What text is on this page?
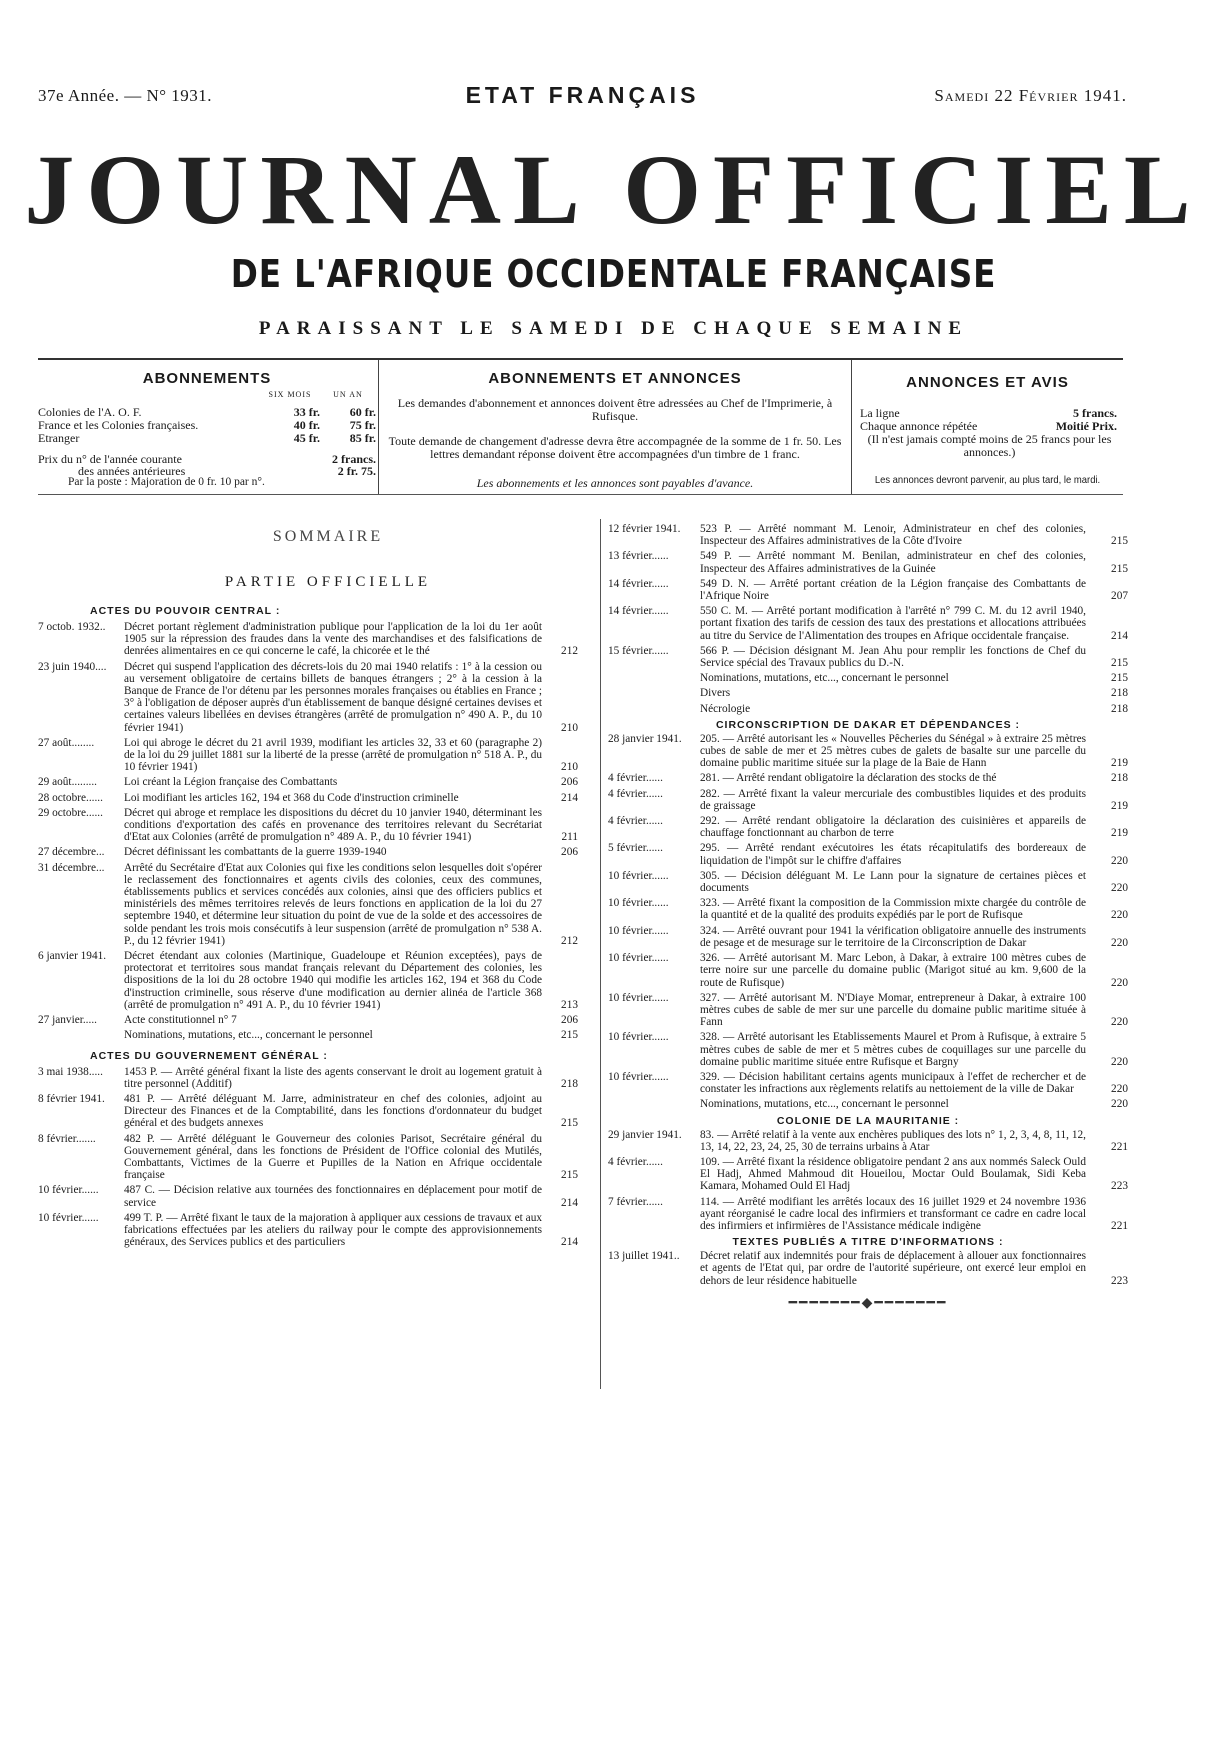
37e Année. — N° 1931.	ETAT FRANÇAIS	Samedi 22 Février 1941.
JOURNAL OFFICIEL
DE L'AFRIQUE OCCIDENTALE FRANÇAISE
PARAISSANT LE SAMEDI DE CHAQUE SEMAINE
ABONNEMENTS
SIX MOIS	UN AN
Colonies de l'A. O. F.	33 fr.	60 fr.
France et les Colonies françaises.	40 fr.	75 fr.
Etranger	45 fr.	85 fr.
Prix du n° de l'année courante	2 francs.
des années antérieures	2 fr. 75.
Par la poste : Majoration de 0 fr. 10 par n°.
ABONNEMENTS ET ANNONCES

Les demandes d'abonnement et annonces doivent être adressées au Chef de l'Imprimerie, à Rufisque.

Toute demande de changement d'adresse devra être accompagnée de la somme de 1 fr. 50. Les lettres demandant réponse doivent être accompagnées d'un timbre de 1 franc.

Les abonnements et les annonces sont payables d'avance.

ANNONCES ET AVIS
La ligne	5 francs.
Chaque annonce répétée	Moitié Prix.
(Il n'est jamais compté moins de 25 francs pour les annonces.)
Les annonces devront parvenir, au plus tard, le mardi.
SOMMAIRE
PARTIE OFFICIELLE
ACTES DU POUVOIR CENTRAL :
7 octob. 1932..	Décret portant règlement d'administration publique pour l'application de la loi du 1er août 1905 sur la répression des fraudes dans la vente des marchandises et des falsifications de denrées alimentaires en ce qui concerne le café, la chicorée et le thé	212
23 juin 1940....	Décret qui suspend l'application des décrets-lois du 20 mai 1940 relatifs : 1° à la cession ou au versement obligatoire de certains billets de banques étrangers ; 2° à la cession à la Banque de France de l'or détenu par les personnes morales françaises ou établies en France ; 3° à l'obligation de déposer auprès d'un établissement de banque désigné certaines devises et certaines valeurs libellées en devises étrangères (arrêté de promulgation n° 490 A. P., du 10 février 1941)	210
27 août........	Loi qui abroge le décret du 21 avril 1939, modifiant les articles 32, 33 et 60 (paragraphe 2) de la loi du 29 juillet 1881 sur la liberté de la presse (arrêté de promulgation n° 518 A. P., du 10 février 1941)	210
29 août.........	Loi créant la Légion française des Combattants	206
28 octobre......	Loi modifiant les articles 162, 194 et 368 du Code d'instruction criminelle	214
29 octobre......	Décret qui abroge et remplace les dispositions du décret du 10 janvier 1940, déterminant les conditions d'exportation des cafés en provenance des territoires relevant du Secrétariat d'Etat aux Colonies (arrêté de promulgation n° 489 A. P., du 10 février 1941)	211
27 décembre...	Décret définissant les combattants de la guerre 1939-1940	206
31 décembre...	Arrêté du Secrétaire d'Etat aux Colonies qui fixe les conditions selon lesquelles doit s'opérer le reclassement des fonctionnaires et agents civils des colonies, ceux des communes, établissements publics et services concédés aux colonies, ainsi que des officiers publics et ministériels des mêmes territoires relevés de leurs fonctions en application de la loi du 27 septembre 1940, et détermine leur situation du point de vue de la solde et des accessoires de solde pendant les trois mois consécutifs à leur suspension (arrêté de promulgation n° 538 A. P., du 12 février 1941)	212
6 janvier 1941.	Décret étendant aux colonies (Martinique, Guadeloupe et Réunion exceptées), pays de protectorat et territoires sous mandat français relevant du Département des colonies, les dispositions de la loi du 28 octobre 1940 qui modifie les articles 162, 194 et 368 du Code d'instruction criminelle, sous réserve d'une modification au dernier alinéa de l'article 368 (arrêté de promulgation n° 491 A. P., du 10 février 1941)	213
27 janvier.....	Acte constitutionnel n° 7	206
Nominations, mutations, etc..., concernant le personnel	215
ACTES DU GOUVERNEMENT GÉNÉRAL :
3 mai 1938.....	1453 P. — Arrêté général fixant la liste des agents conservant le droit au logement gratuit à titre personnel (Additif)	218
8 février 1941.	481 P. — Arrêté déléguant M. Jarre, administrateur en chef des colonies, adjoint au Directeur des Finances et de la Comptabilité, dans les fonctions d'ordonnateur du budget général et des budgets annexes	215
8 février.......	482 P. — Arrêté déléguant le Gouverneur des colonies Parisot, Secrétaire général du Gouvernement général, dans les fonctions de Président de l'Office colonial des Mutilés, Combattants, Victimes de la Guerre et Pupilles de la Nation en Afrique occidentale française	215
10 février......	487 C. — Décision relative aux tournées des fonctionnaires en déplacement pour motif de service	214
10 février......	499 T. P. — Arrêté fixant le taux de la majoration à appliquer aux cessions de travaux et aux fabrications effectuées par les ateliers du railway pour le compte des approvisionnements généraux, des Services publics et des particuliers	214
12 février 1941.	523 P. — Arrêté nommant M. Lenoir, Administrateur en chef des colonies, Inspecteur des Affaires administratives de la Côte d'Ivoire	215
13 février......	549 P. — Arrêté nommant M. Benilan, administrateur en chef des colonies, Inspecteur des Affaires administratives de la Guinée	215
14 février......	549 D. N. — Arrêté portant création de la Légion française des Combattants de l'Afrique Noire	207
14 février......	550 C. M. — Arrêté portant modification à l'arrêté n° 799 C. M. du 12 avril 1940, portant fixation des tarifs de cession des taux des prestations et allocations attribuées au titre du Service de l'Alimentation des troupes en Afrique occidentale française.	214
15 février......	566 P. — Décision désignant M. Jean Ahu pour remplir les fonctions de Chef du Service spécial des Travaux publics du D.-N.	215
Nominations, mutations, etc..., concernant le personnel	215
Divers	218
Nécrologie	218
CIRCONSCRIPTION DE DAKAR ET DÉPENDANCES :
28 janvier 1941.	205. — Arrêté autorisant les « Nouvelles Pêcheries du Sénégal » à extraire 25 mètres cubes de sable de mer et 25 mètres cubes de galets de basalte sur une parcelle du domaine public maritime située sur la plage de la Baie de Hann	219
4 février......	281. — Arrêté rendant obligatoire la déclaration des stocks de thé	218
4 février......	282. — Arrêté fixant la valeur mercuriale des combustibles liquides et des produits de graissage	219
4 février......	292. — Arrêté rendant obligatoire la déclaration des cuisinières et appareils de chauffage fonctionnant au charbon de terre	219
5 février......	295. — Arrêté rendant exécutoires les états récapitulatifs des bordereaux de liquidation de l'impôt sur le chiffre d'affaires	220
10 février......	305. — Décision déléguant M. Le Lann pour la signature de certaines pièces et documents	220
10 février......	323. — Arrêté fixant la composition de la Commission mixte chargée du contrôle de la quantité et de la qualité des produits expédiés par le port de Rufisque	220
10 février......	324. — Arrêté ouvrant pour 1941 la vérification obligatoire annuelle des instruments de pesage et de mesurage sur le territoire de la Circonscription de Dakar	220
10 février......	326. — Arrêté autorisant M. Marc Lebon, à Dakar, à extraire 100 mètres cubes de terre noire sur une parcelle du domaine public (Marigot situé au km. 9,600 de la route de Rufisque)	220
10 février......	327. — Arrêté autorisant M. N'Diaye Momar, entrepreneur à Dakar, à extraire 100 mètres cubes de sable de mer sur une parcelle du domaine public maritime située à Fann	220
10 février......	328. — Arrêté autorisant les Etablissements Maurel et Prom à Rufisque, à extraire 5 mètres cubes de sable de mer et 5 mètres cubes de coquillages sur une parcelle du domaine public maritime située entre Rufisque et Bargny	220
10 février......	329. — Décision habilitant certains agents municipaux à l'effet de rechercher et de constater les infractions aux règlements relatifs au nettoiement de la ville de Dakar	220
Nominations, mutations, etc..., concernant le personnel	220
COLONIE DE LA MAURITANIE :
29 janvier 1941.	83. — Arrêté relatif à la vente aux enchères publiques des lots n° 1, 2, 3, 4, 8, 11, 12, 13, 14, 22, 23, 24, 25, 30 de terrains urbains à Atar	221
4 février......	109. — Arrêté fixant la résidence obligatoire pendant 2 ans aux nommés Saleck Ould El Hadj, Ahmed Mahmoud dit Houeilou, Moctar Ould Boulamak, Sidi Keba Kamara, Mohamed Ould El Hadj	223
7 février......	114. — Arrêté modifiant les arrêtés locaux des 16 juillet 1929 et 24 novembre 1936 ayant réorganisé le cadre local des infirmiers et transformant ce cadre en cadre local des infirmiers et infirmières de l'Assistance médicale indigène	221
TEXTES PUBLIÉS A TITRE D'INFORMATIONS :
13 juillet 1941..	Décret relatif aux indemnités pour frais de déplacement à allouer aux fonctionnaires et agents de l'Etat qui, par ordre de l'autorité supérieure, ont exercé leur emploi en dehors de leur résidence habituelle	223
━━━━━━━◆━━━━━━━
